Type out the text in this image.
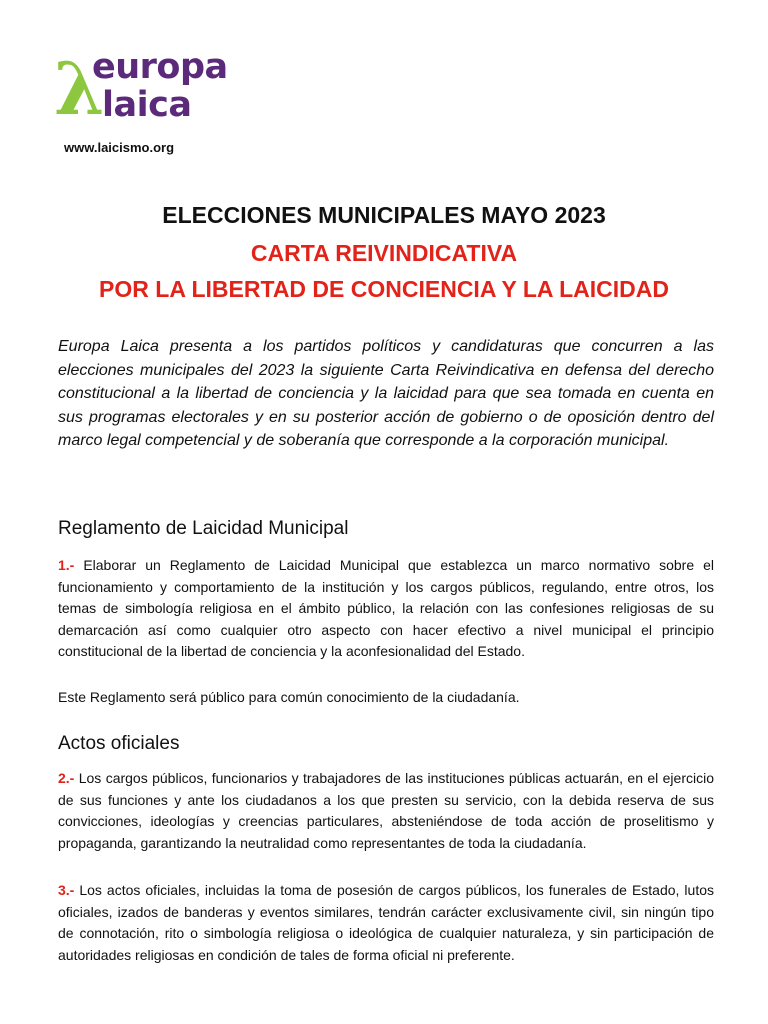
λ
europa
laica
www.laicismo.org
ELECCIONES MUNICIPALES MAYO 2023
CARTA REIVINDICATIVA
POR LA LIBERTAD DE CONCIENCIA Y LA LAICIDAD
Europa Laica presenta a los partidos políticos y candidaturas que concurren a las elecciones municipales del 2023 la siguiente Carta Reivindicativa en defensa del derecho constitucional a la libertad de conciencia y la laicidad para que sea tomada en cuenta en sus programas electorales y en su posterior acción de gobierno o de oposición dentro del marco legal competencial y de soberanía que corresponde a la corporación municipal.
Reglamento de Laicidad Municipal
1.- Elaborar un Reglamento de Laicidad Municipal que establezca un marco normativo sobre el funcionamiento y comportamiento de la institución y los cargos públicos, regulando, entre otros, los temas de simbología religiosa en el ámbito público, la relación con las confesiones religiosas de su demarcación así como cualquier otro aspecto con hacer efectivo a nivel municipal el principio constitucional de la libertad de conciencia y la aconfesionalidad del Estado.
Este Reglamento será público para común conocimiento de la ciudadanía.
Actos oficiales
2.- Los cargos públicos, funcionarios y trabajadores de las instituciones públicas actuarán, en el ejercicio de sus funciones y ante los ciudadanos a los que presten su servicio, con la debida reserva de sus convicciones, ideologías y creencias particulares, absteniéndose de toda acción de proselitismo y propaganda, garantizando la neutralidad como representantes de toda la ciudadanía.
3.- Los actos oficiales, incluidas la toma de posesión de cargos públicos, los funerales de Estado, lutos oficiales, izados de banderas y eventos similares, tendrán carácter exclusivamente civil, sin ningún tipo de connotación, rito o simbología religiosa o ideológica de cualquier naturaleza, y sin participación de autoridades religiosas en condición de tales de forma oficial ni preferente.
